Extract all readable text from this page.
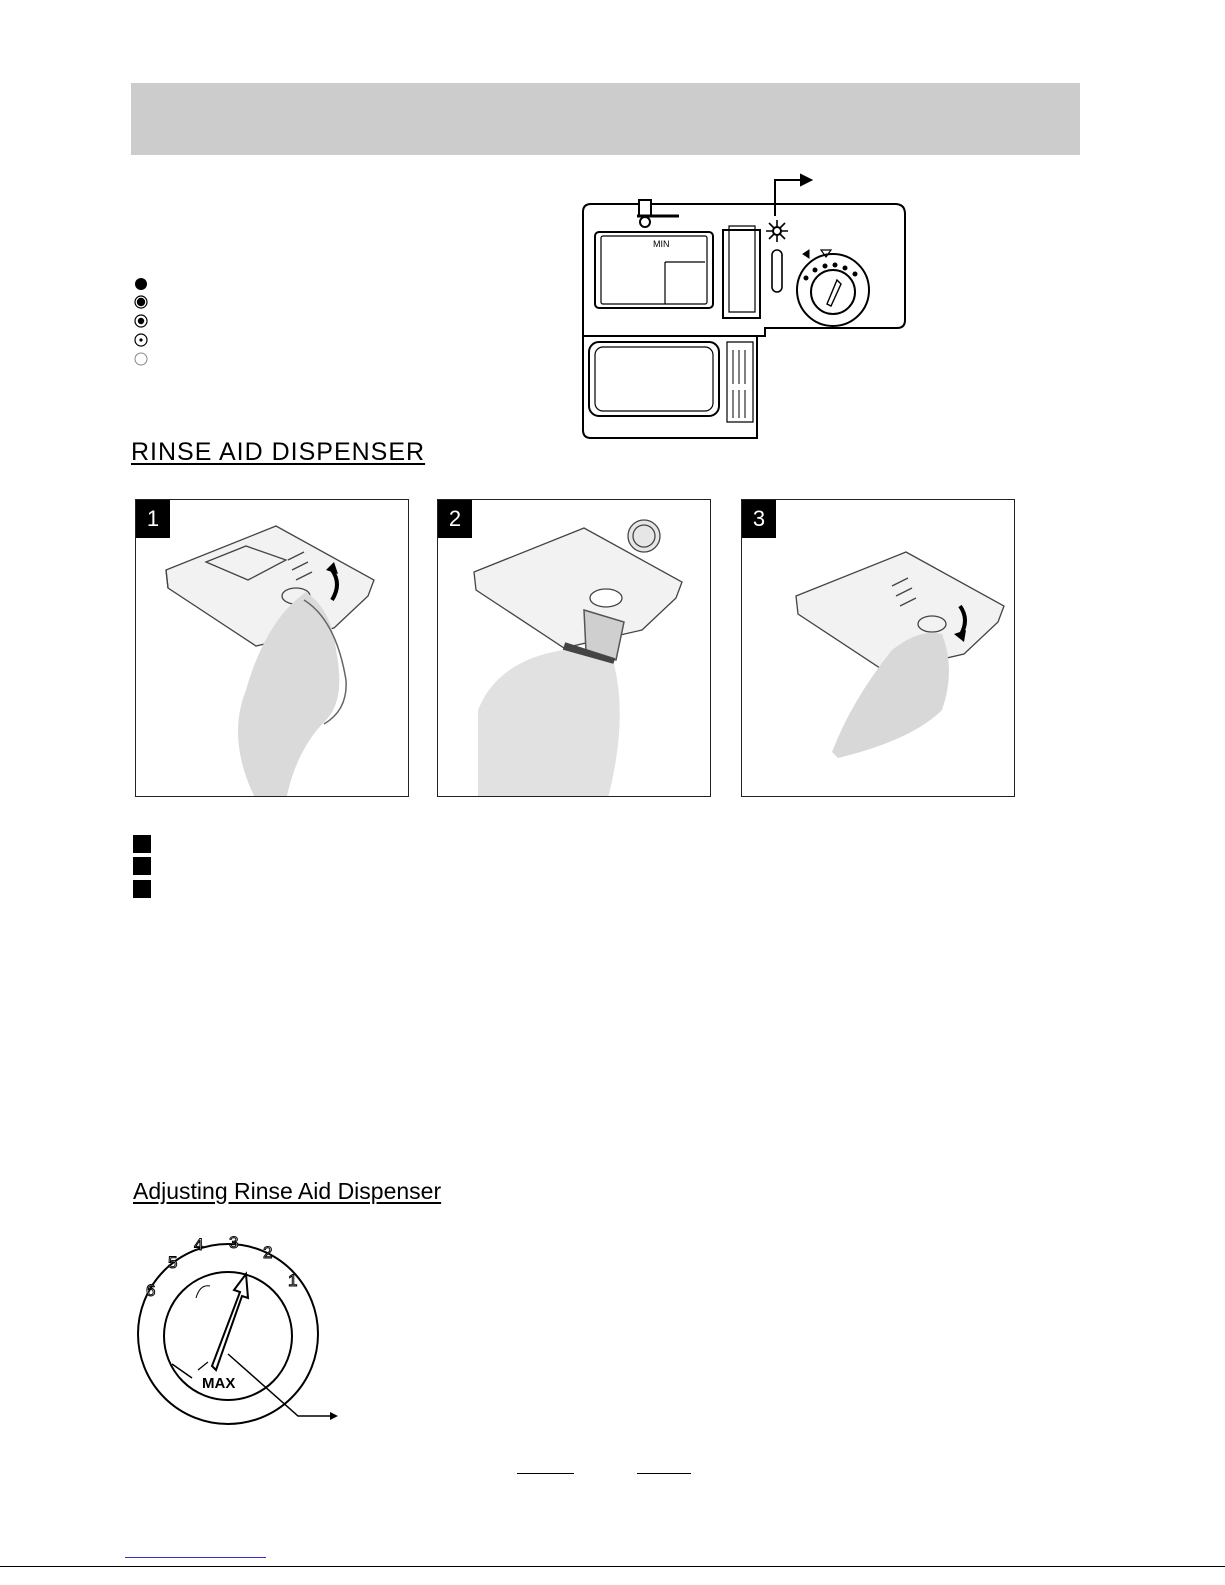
MIN
RINSE AID DISPENSER
1	2	3
Adjusting Rinse Aid Dispenser
6
5
4 3
2
1
MAX
